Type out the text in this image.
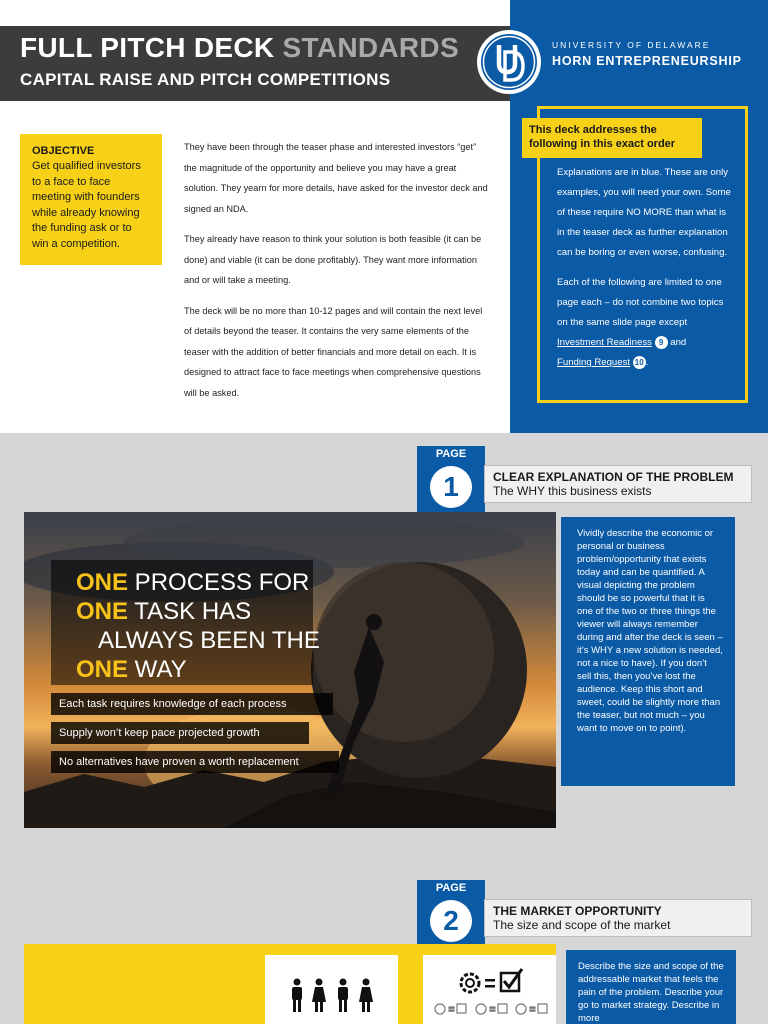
FULL PITCH DECK STANDARDS
CAPITAL RAISE AND PITCH COMPETITIONS
UNIVERSITY OF DELAWARE
HORN ENTREPRENEURSHIP
This deck addresses the following in this exact order

Explanations are in blue. These are only examples, you will need your own. Some of these require NO MORE than what is in the teaser deck as further explanation can be boring or even worse, confusing.

Each of the following are limited to one page each – do not combine two topics on the same slide page except Investment Readiness 9 and
Funding Request 10 .

OBJECTIVE
Get qualified investors to a face to face meeting with founders while already knowing the funding ask or to win a competition.

They have been through the teaser phase and interested investors “get” the magnitude of the opportunity and believe you may have a great solution. They yearn for more details, have asked for the investor deck and signed an NDA.

They already have reason to think your solution is both feasible (it can be done) and viable (it can be done profitably). They want more information and or will take a meeting.

The deck will be no more than 10-12 pages and will contain the next level of details beyond the teaser. It contains the very same elements of the teaser with the addition of better financials and more detail on each. It is designed to attract face to face meetings when comprehensive questions will be asked.

PAGE
1	CLEAR EXPLANATION OF THE PROBLEM
The WHY this business exists
ONE PROCESS FOR
ONE TASK HAS
ALWAYS BEEN THE
ONE WAY
Each task requires knowledge of each process
Supply won’t keep pace projected growth
No alternatives have proven a worth replacement
Vividly describe the economic or personal or business problem/opportunity that exists today and can be quantified. A visual depicting the problem should be so powerful that it is one of the two or three things the viewer will always remember during and after the deck is seen – it’s WHY a new solution is needed, not a nice to have). If you don’t sell this, then you’ve lost the audience. Keep this short and sweet, could be slightly more than the teaser, but not much – you want to move on to point).
PAGE
2	THE MARKET OPPORTUNITY
The size and scope of the market
Describe the size and scope of the addressable market that feels the pain of the problem. Describe your go to market strategy. Describe in more
